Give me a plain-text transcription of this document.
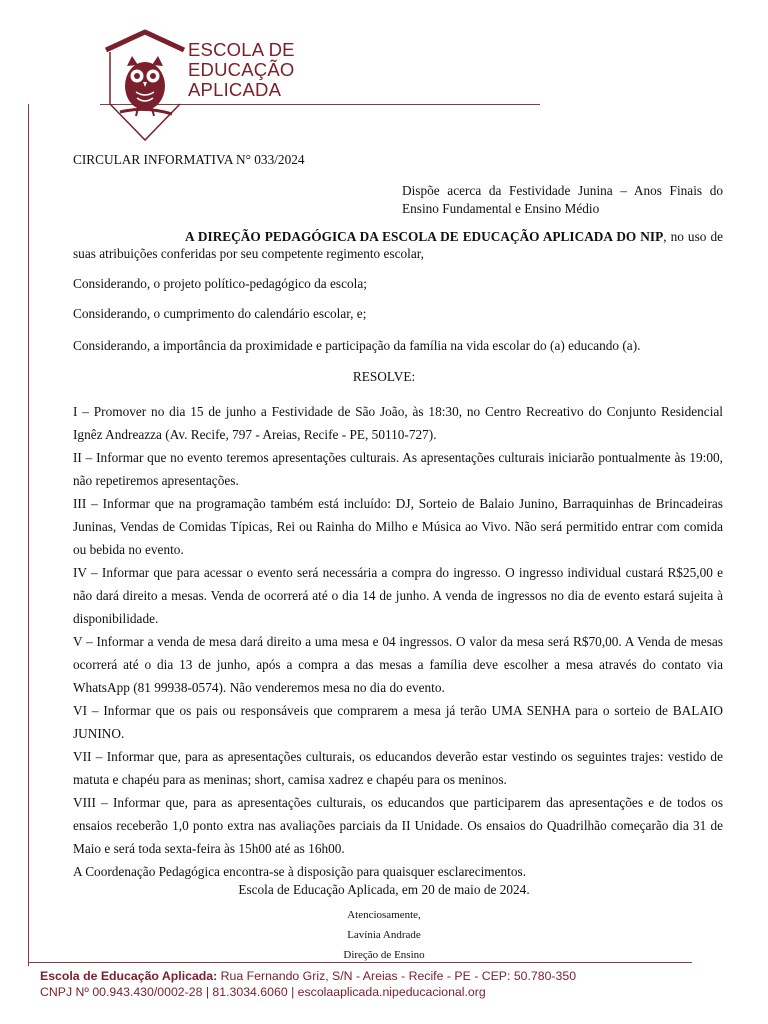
ESCOLA DE
EDUCAÇÃO
APLICADA
CIRCULAR INFORMATIVA N° 033/2024
Dispõe acerca da Festividade Junina – Anos Finais do Ensino Fundamental e Ensino Médio
A DIREÇÃO PEDAGÓGICA DA ESCOLA DE EDUCAÇÃO APLICADA DO NIP, no uso de suas atribuições conferidas por seu competente regimento escolar,
Considerando, o projeto político-pedagógico da escola;
Considerando, o cumprimento do calendário escolar, e;
Considerando, a importância da proximidade e participação da família na vida escolar do (a) educando (a).
RESOLVE:

I – Promover no dia 15 de junho a Festividade de São João, às 18:30, no Centro Recreativo do Conjunto Residencial Ignêz Andreazza (Av. Recife, 797 - Areias, Recife - PE, 50110-727).

II – Informar que no evento teremos apresentações culturais. As apresentações culturais iniciarão pontualmente às 19:00, não repetiremos apresentações.

III – Informar que na programação também está incluído: DJ, Sorteio de Balaio Junino, Barraquinhas de Brincadeiras Juninas, Vendas de Comidas Típicas, Rei ou Rainha do Milho e Música ao Vivo. Não será permitido entrar com comida ou bebida no evento.

IV – Informar que para acessar o evento será necessária a compra do ingresso. O ingresso individual custará R$25,00 e não dará direito a mesas. Venda de ocorrerá até o dia 14 de junho. A venda de ingressos no dia de evento estará sujeita à disponibilidade.

V – Informar a venda de mesa dará direito a uma mesa e 04 ingressos. O valor da mesa será R$70,00. A Venda de mesas ocorrerá até o dia 13 de junho, após a compra a das mesas a família deve escolher a mesa através do contato via WhatsApp (81 99938-0574). Não venderemos mesa no dia do evento.

VI – Informar que os pais ou responsáveis que comprarem a mesa já terão UMA SENHA para o sorteio de BALAIO JUNINO.

VII – Informar que, para as apresentações culturais, os educandos deverão estar vestindo os seguintes trajes: vestido de matuta e chapéu para as meninas; short, camisa xadrez e chapéu para os meninos.

VIII – Informar que, para as apresentações culturais, os educandos que participarem das apresentações e de todos os ensaios receberão 1,0 ponto extra nas avaliações parciais da II Unidade. Os ensaios do Quadrilhão começarão dia 31 de Maio e será toda sexta-feira às 15h00 até as 16h00.

A Coordenação Pedagógica encontra-se à disposição para quaisquer esclarecimentos.

Escola de Educação Aplicada, em 20 de maio de 2024.
Atenciosamente,
Lavínia Andrade
Direção de Ensino
Escola de Educação Aplicada: Rua Fernando Griz, S/N - Areias - Recife - PE - CEP: 50.780-350
CNPJ Nº 00.943.430/0002-28 | 81.3034.6060 | escolaaplicada.nipeducacional.org
